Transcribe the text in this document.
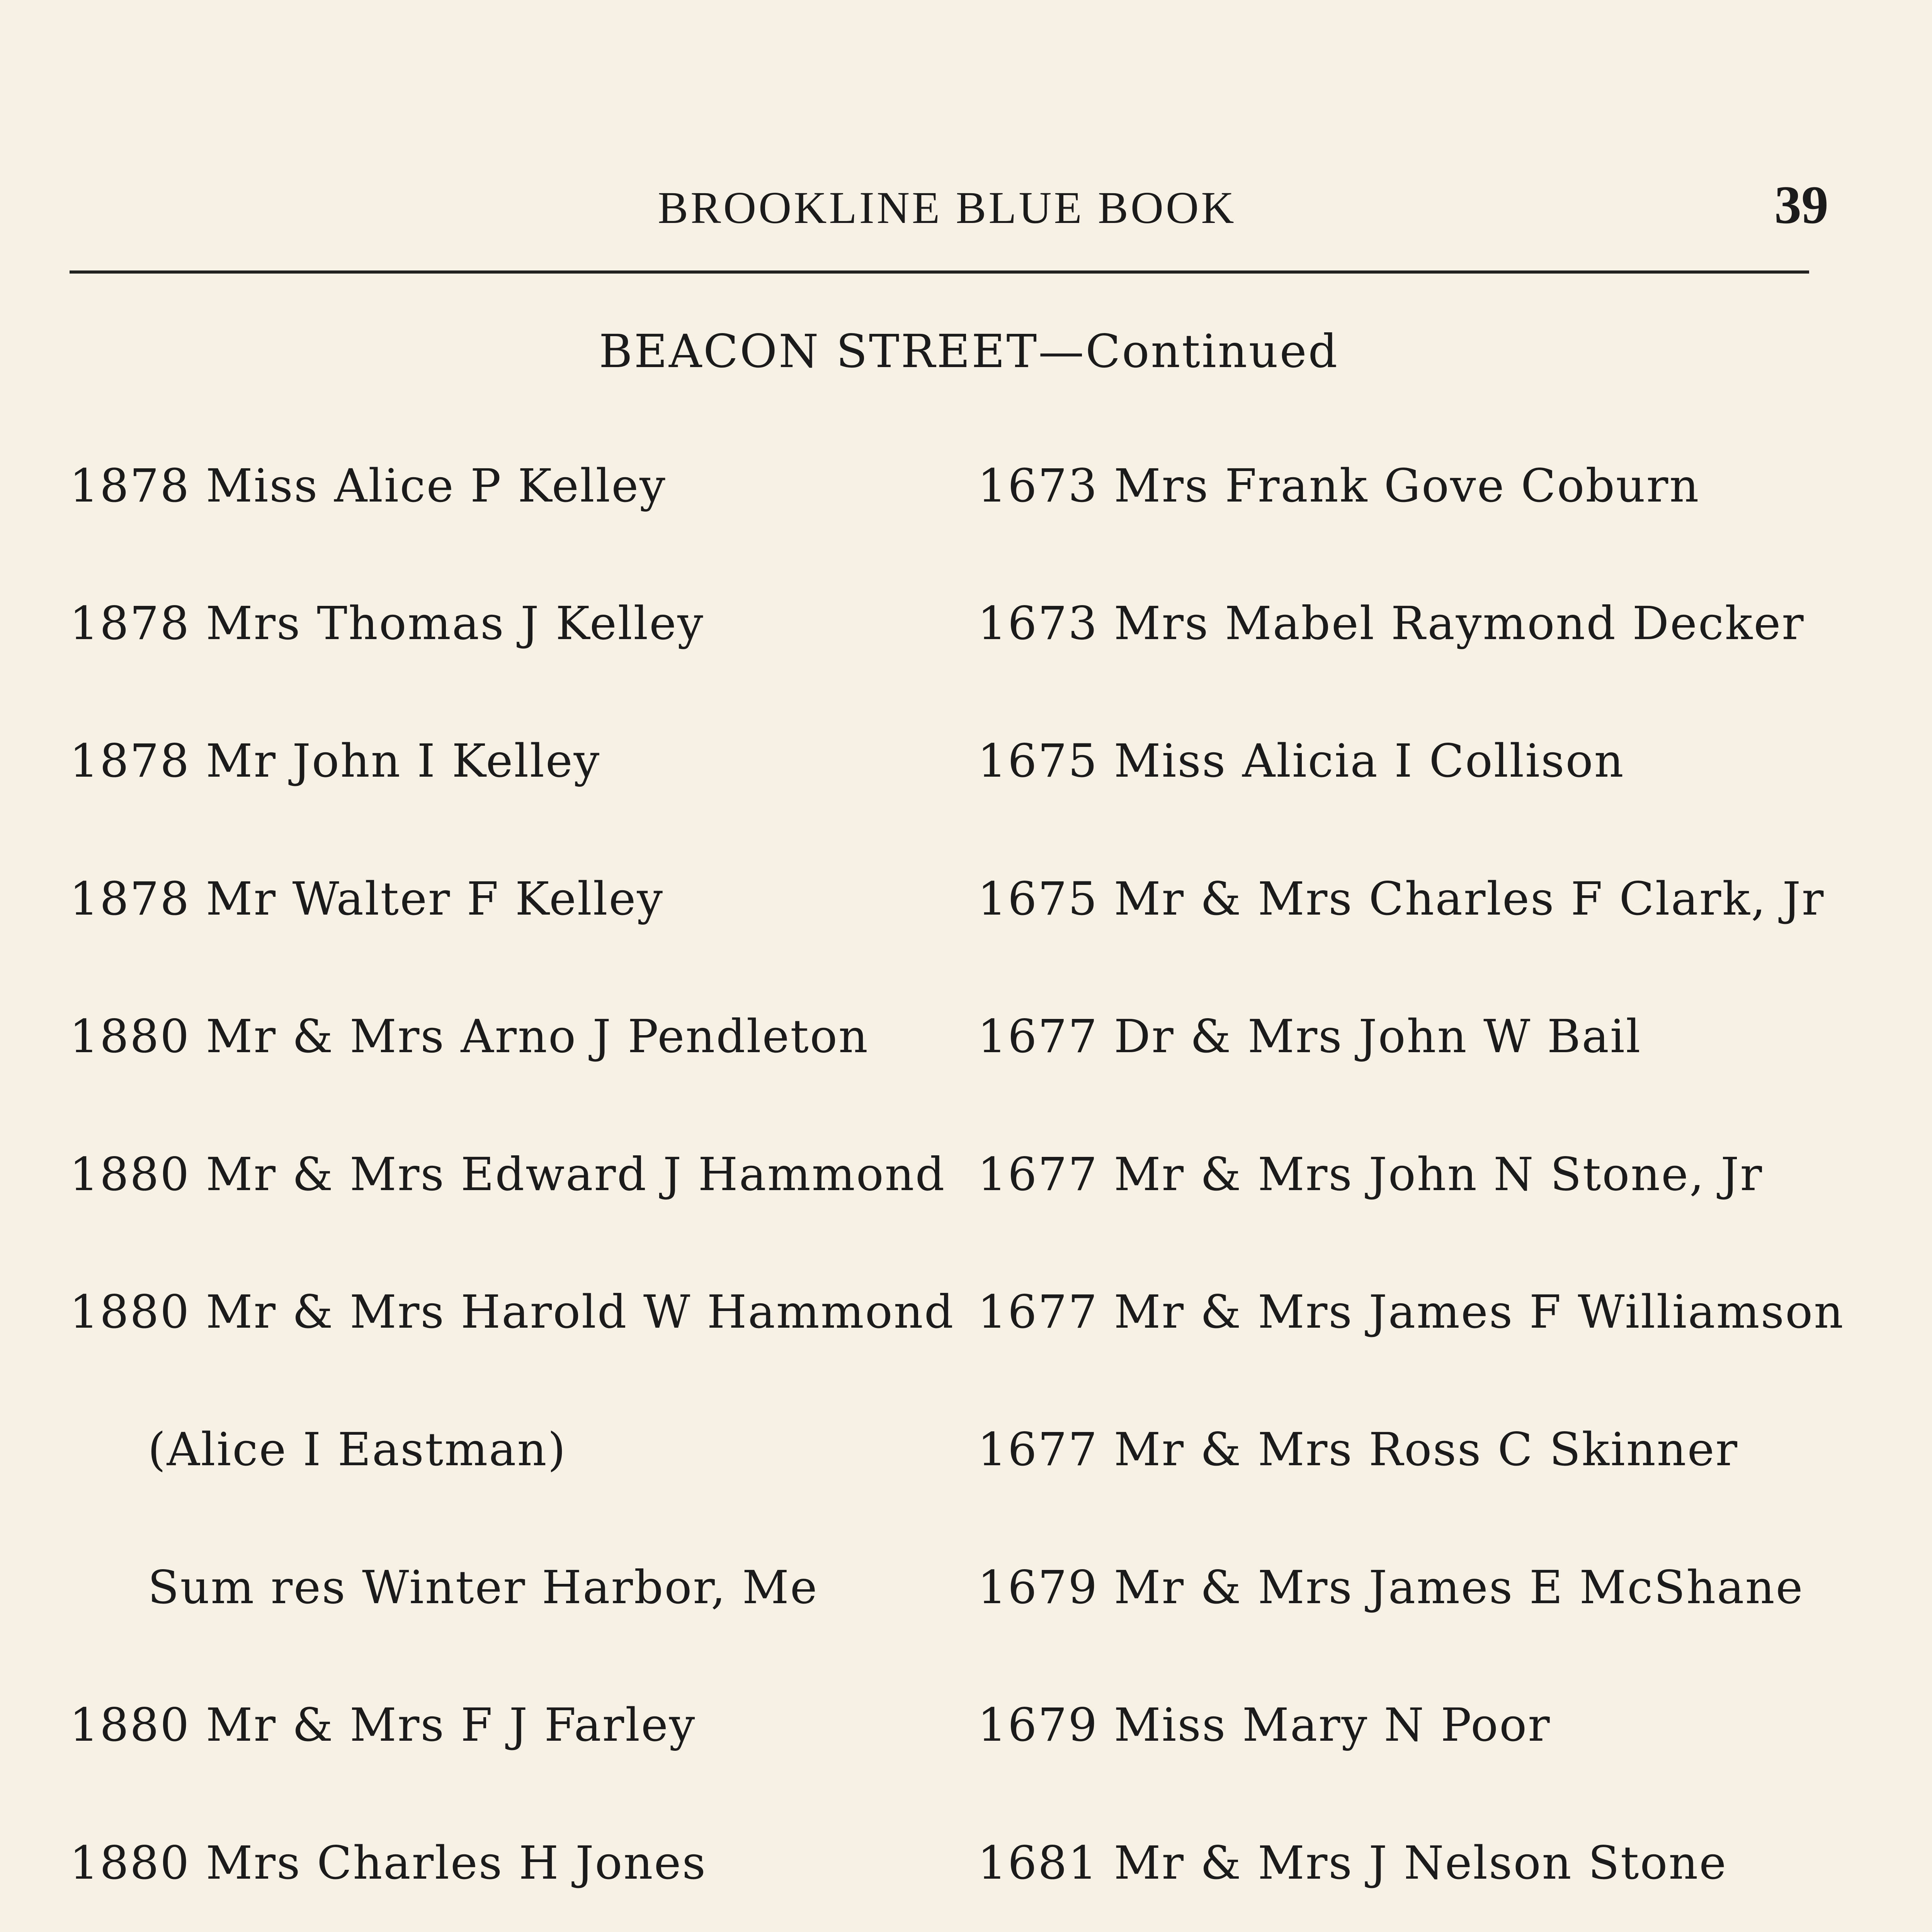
BROOKLINE BLUE BOOK	39
BEACON STREET—Continued

1878 Miss Alice P Kelley

1878 Mrs Thomas J Kelley

1878 Mr John I Kelley

1878 Mr Walter F Kelley

1880 Mr & Mrs Arno J Pendleton

1880 Mr & Mrs Edward J Hammond

1880 Mr & Mrs Harold W Hammond

(Alice I Eastman)

Sum res Winter Harbor, Me

1880 Mr & Mrs F J Farley

1880 Mrs Charles H Jones

1673 Mrs Frank Gove Coburn

1673 Mrs Mabel Raymond Decker

1675 Miss Alicia I Collison

1675 Mr & Mrs Charles F Clark, Jr

1677 Dr & Mrs John W Bail

1677 Mr & Mrs John N Stone, Jr

1677 Mr & Mrs James F Williamson

1677 Mr & Mrs Ross C Skinner

1679 Mr & Mrs James E McShane

1679 Miss Mary N Poor

1681 Mr & Mrs J Nelson Stone
